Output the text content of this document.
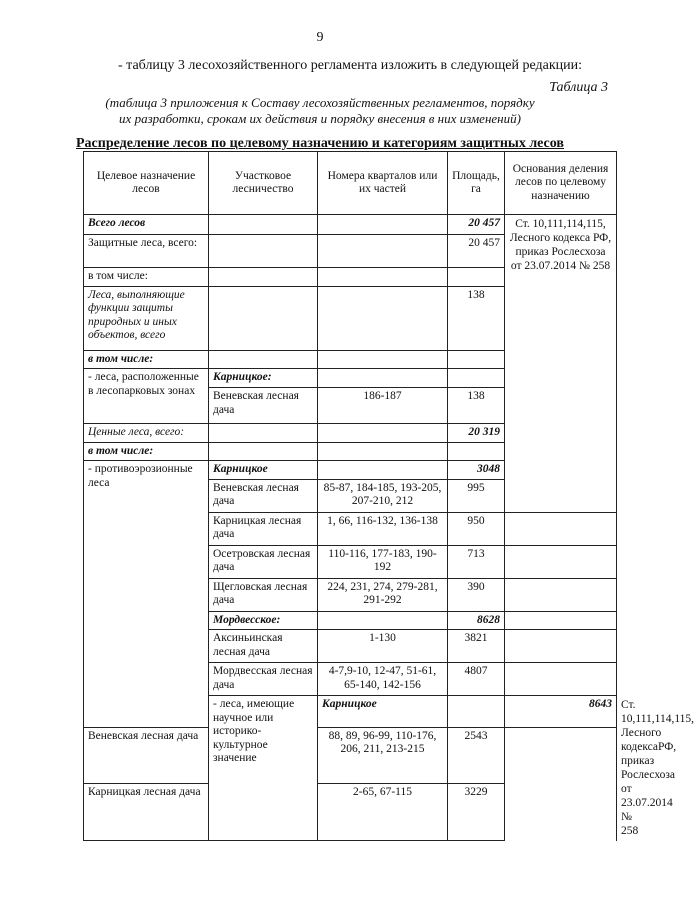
9
- таблицу 3 лесохозяйственного регламента изложить в следующей редакции:
Таблица 3
(таблица 3 приложения к Составу лесохозяйственных регламентов, порядку
их разработки, срокам их действия и порядку внесения в них изменений)
Распределение лесов по целевому назначению и категориям защитных лесов
Целевое назначение лесов	Участковое лесничество	Номера кварталов или их частей	Площадь, га	Основания деления лесов по целевому назначению	
Всего лесов			20 457	Ст. 10,111,114,115, Лесного кодекса РФ, приказ Рослесхоза от 23.07.2014 № 258	
Защитные леса, всего:			20 457		
в том числе:					
Леса, выполняющие функции защиты природных и иных объектов, всего			138		
в том числе:					
- леса, расположенные в лесопарковых зонах	Карницкое:				
	Веневская лесная дача	186-187	138		
Ценные леса, всего:			20 319		
в том числе:					
- противоэрозионные леса	Карницкое		3048		
	Веневская лесная дача	85-87, 184-185, 193-205, 207-210, 212	995		
	Карницкая лесная дача	1, 66, 116-132, 136-138	950		
	Осетровская лесная дача	110-116, 177-183, 190-192	713		
	Щегловская лесная дача	224, 231, 274, 279-281, 291-292	390		
	Мордвесское:		8628		
	Аксиньинская лесная дача	1-130	3821		
	Мордвесская лесная дача	4-7,9-10, 12-47, 51-61, 65-140, 142-156	4807		
	- леса, имеющие научное или историко-культурное значение	Карницкое		8643	Ст. 10,111,114,115, Лесного кодексаРФ, приказ Рослесхоза от 23.07.2014 № 258
Веневская лесная дача		88, 89, 96-99, 110-176, 206, 211, 213-215	2543		
Карницкая лесная дача		2-65, 67-115	3229		
